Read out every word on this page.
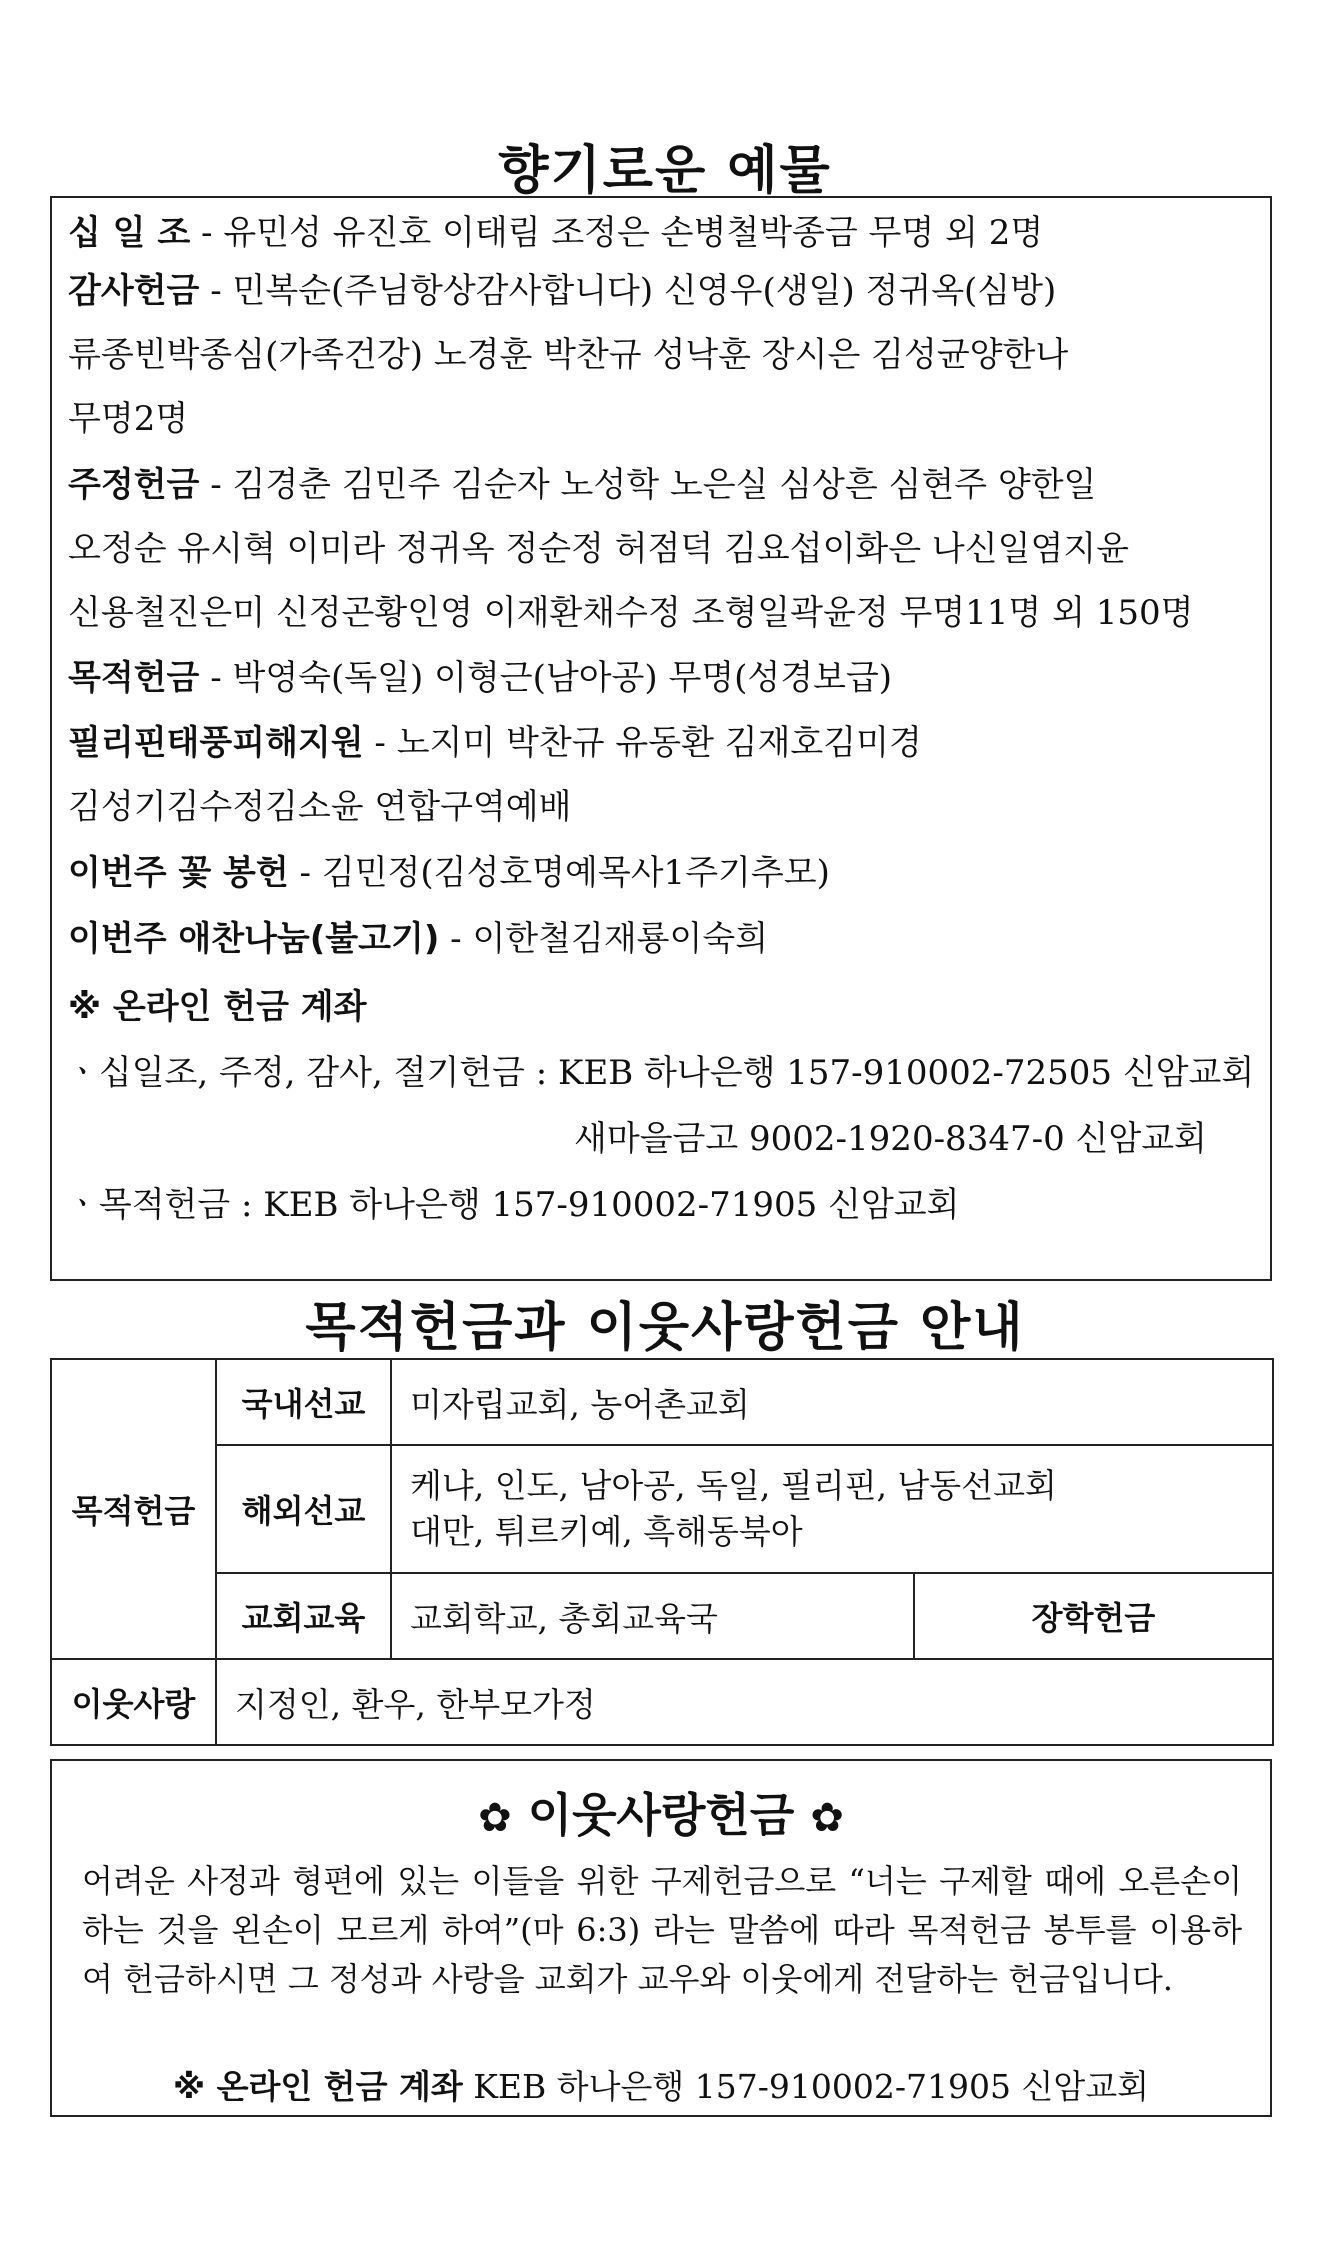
향기로운 예물
십 일 조 - 유민성 유진호 이태림 조정은 손병철박종금 무명 외 2명
감사헌금 - 민복순(주님항상감사합니다) 신영우(생일) 정귀옥(심방)
류종빈박종심(가족건강) 노경훈 박찬규 성낙훈 장시은 김성균양한나
무명2명
주정헌금 - 김경춘 김민주 김순자 노성학 노은실 심상흔 심현주 양한일
오정순 유시혁 이미라 정귀옥 정순정 허점덕 김요섭이화은 나신일염지윤
신용철진은미 신정곤황인영 이재환채수정 조형일곽윤정 무명11명 외 150명
목적헌금 - 박영숙(독일) 이형근(남아공) 무명(성경보급)
필리핀태풍피해지원 - 노지미 박찬규 유동환 김재호김미경
김성기김수정김소윤 연합구역예배
이번주 꽃 봉헌 - 김민정(김성호명예목사1주기추모)
이번주 애찬나눔(불고기) - 이한철김재룡이숙희
※ 온라인 헌금 계좌
ㆍ십일조, 주정, 감사, 절기헌금 : KEB 하나은행 157-910002-72505 신암교회
새마을금고 9002-1920-8347-0 신암교회
ㆍ목적헌금 : KEB 하나은행 157-910002-71905 신암교회
목적헌금과 이웃사랑헌금 안내
목적헌금	국내선교	미자립교회, 농어촌교회	
	해외선교	케냐, 인도, 남아공, 독일, 필리핀, 남동선교회
대만, 튀르키예, 흑해동북아	

	교회교육	교회학교, 총회교육국	장학헌금
이웃사랑	지정인, 환우, 한부모가정		
✿ 이웃사랑헌금 ✿
어려운 사정과 형편에 있는 이들을 위한 구제헌금으로 “너는 구제할 때에 오른손이 하는 것을 왼손이 모르게 하여”(마 6:3) 라는 말씀에 따라 목적헌금 봉투를 이용하여 헌금하시면 그 정성과 사랑을 교회가 교우와 이웃에게 전달하는 헌금입니다.
※ 온라인 헌금 계좌 KEB 하나은행 157-910002-71905 신암교회
